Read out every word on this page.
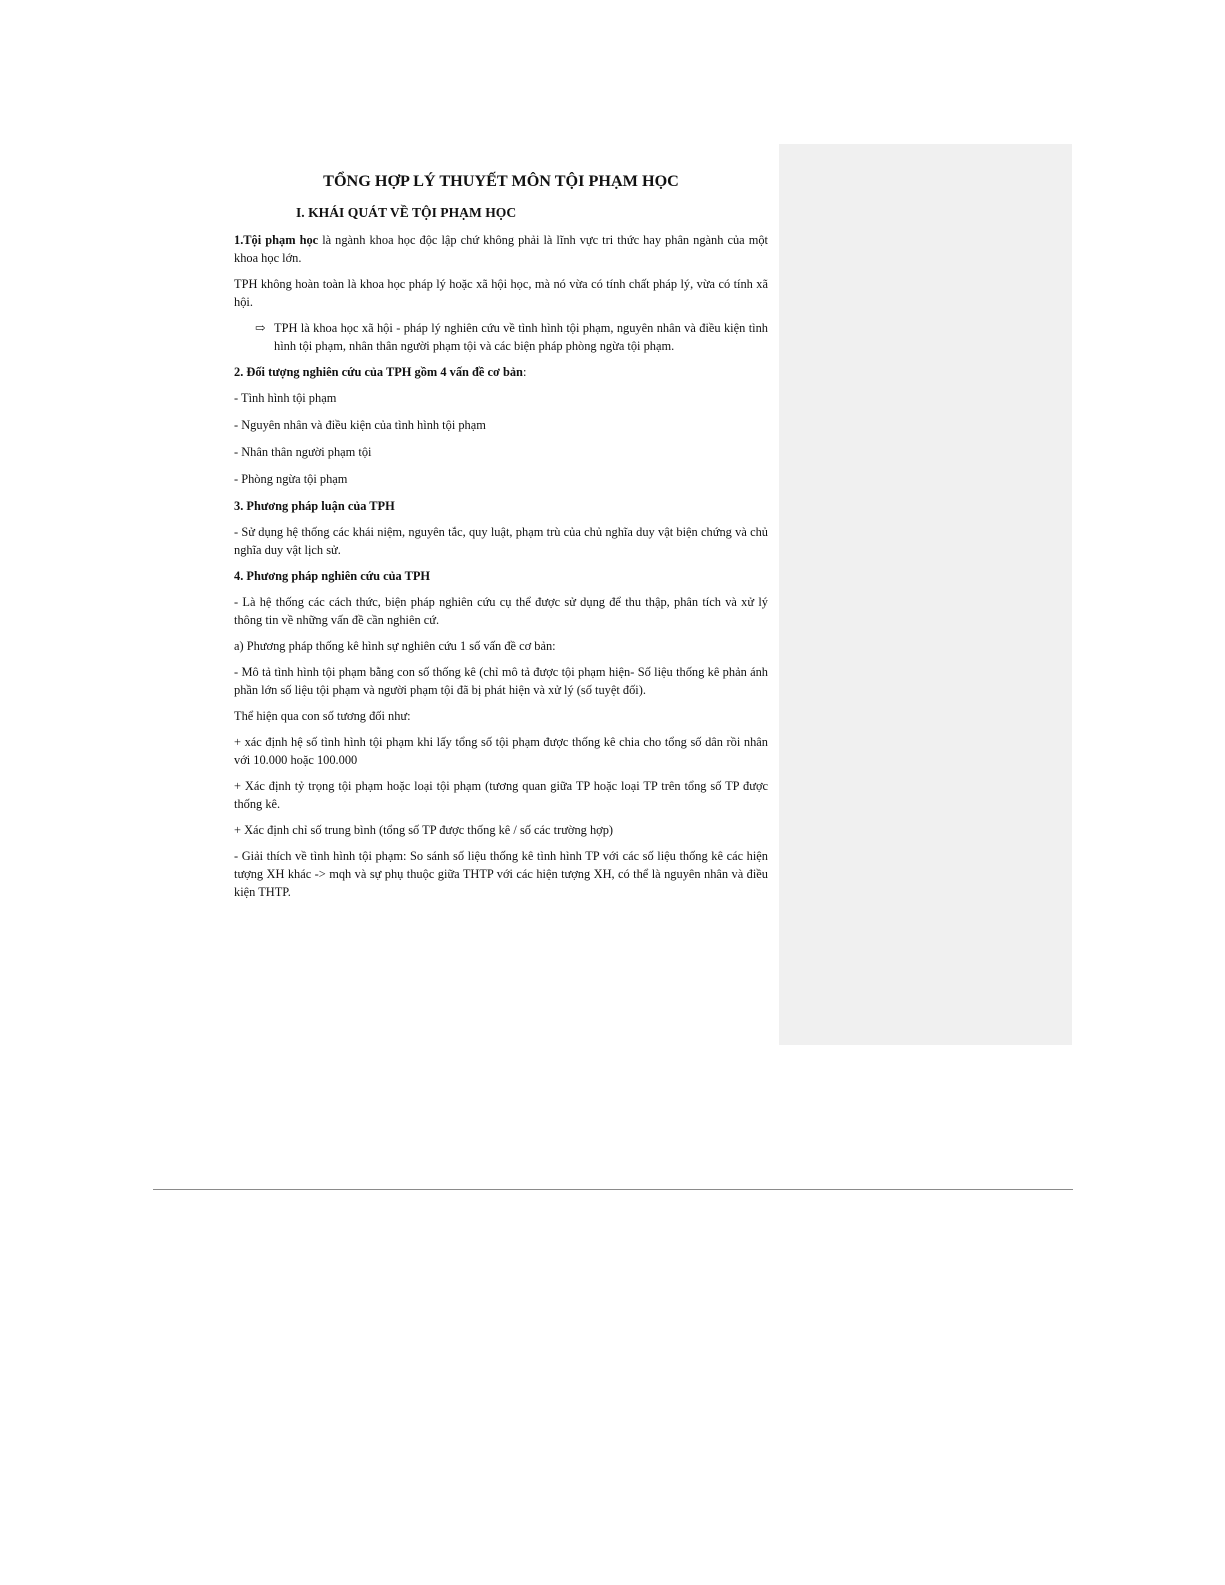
TỔNG HỢP LÝ THUYẾT MÔN TỘI PHẠM HỌC
I. KHÁI QUÁT VỀ TỘI PHẠM HỌC

1.Tội phạm học là ngành khoa học độc lập chứ không phải là lĩnh vực tri thức hay phân ngành của một khoa học lớn.

TPH không hoàn toàn là khoa học pháp lý hoặc xã hội học, mà nó vừa có tính chất pháp lý, vừa có tính xã hội.

⇨ TPH là khoa học xã hội - pháp lý nghiên cứu về tình hình tội phạm, nguyên nhân và điều kiện tình hình tội phạm, nhân thân người phạm tội và các biện pháp phòng ngừa tội phạm.
2. Đối tượng nghiên cứu của TPH gồm 4 vấn đề cơ bản:
- Tình hình tội phạm
- Nguyên nhân và điều kiện của tình hình tội phạm
- Nhân thân người phạm tội
- Phòng ngừa tội phạm
3. Phương pháp luận của TPH

- Sử dụng hệ thống các khái niệm, nguyên tắc, quy luật, phạm trù của chủ nghĩa duy vật biện chứng và chủ nghĩa duy vật lịch sử.

4. Phương pháp nghiên cứu của TPH

- Là hệ thống các cách thức, biện pháp nghiên cứu cụ thể được sử dụng để thu thập, phân tích và xử lý thông tin về những vấn đề cần nghiên cứ.

a) Phương pháp thống kê hình sự nghiên cứu 1 số vấn đề cơ bản:

- Mô tả tình hình tội phạm bằng con số thống kê (chỉ mô tả được tội phạm hiện- Số liệu thống kê phản ánh phần lớn số liệu tội phạm và người phạm tội đã bị phát hiện và xử lý (số tuyệt đối).

Thể hiện qua con số tương đối như:

+ xác định hệ số tình hình tội phạm khi lấy tổng số tội phạm được thống kê chia cho tổng số dân rồi nhân với 10.000 hoặc 100.000

+ Xác định tỷ trọng tội phạm hoặc loại tội phạm (tương quan giữa TP hoặc loại TP trên tổng số TP được thống kê.

+ Xác định chỉ số trung bình (tổng số TP được thống kê / số các trường hợp)

- Giải thích về tình hình tội phạm: So sánh số liệu thống kê tình hình TP với các số liệu thống kê các hiện tượng XH khác -> mqh và sự phụ thuộc giữa THTP với các hiện tượng XH, có thể là nguyên nhân và điều kiện THTP.
